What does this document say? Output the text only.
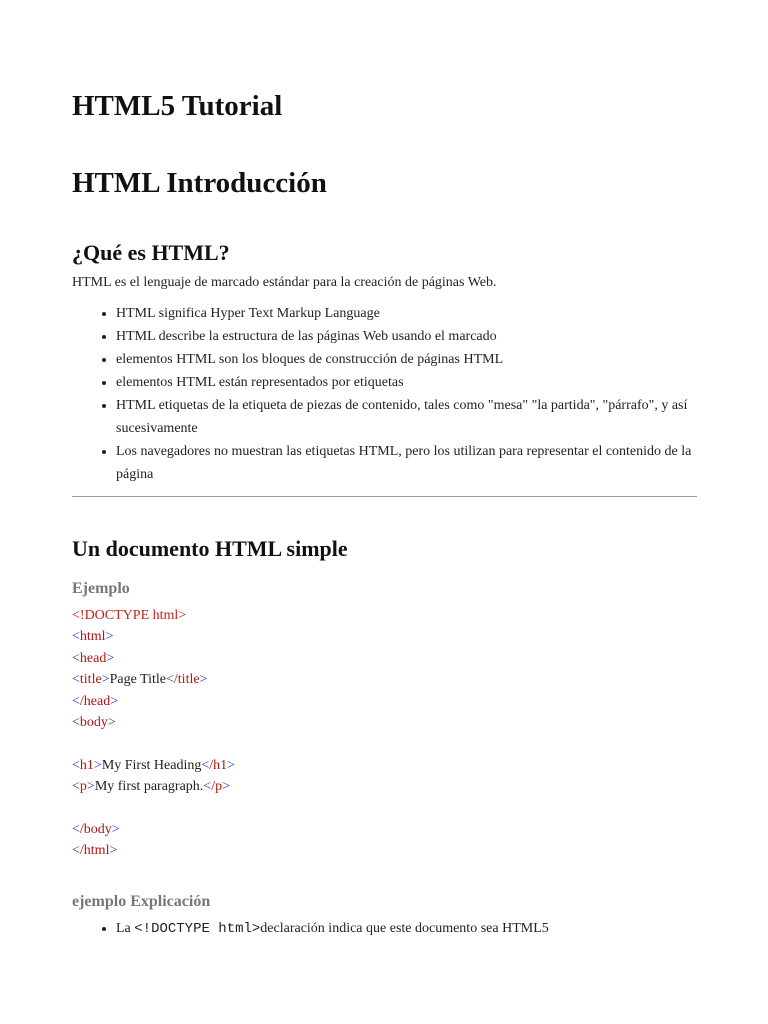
HTML5 Tutorial
HTML Introducción
¿Qué es HTML?

HTML es el lenguaje de marcado estándar para la creación de páginas Web.

• HTML significa Hyper Text Markup Language
• HTML describe la estructura de las páginas Web usando el marcado
• elementos HTML son los bloques de construcción de páginas HTML
• elementos HTML están representados por etiquetas
• HTML etiquetas de la etiqueta de piezas de contenido, tales como "mesa" "la partida", "párrafo", y así sucesivamente
• Los navegadores no muestran las etiquetas HTML, pero los utilizan para representar el contenido de la página
Un documento HTML simple
Ejemplo
<!DOCTYPE html>
<html>
<head>
<title>Page Title</title>
</head>
<body>
<h1>My First Heading</h1>
<p>My first paragraph.</p>
</body>
</html>
ejemplo Explicación
• La <!DOCTYPE html>declaración indica que este documento sea HTML5
